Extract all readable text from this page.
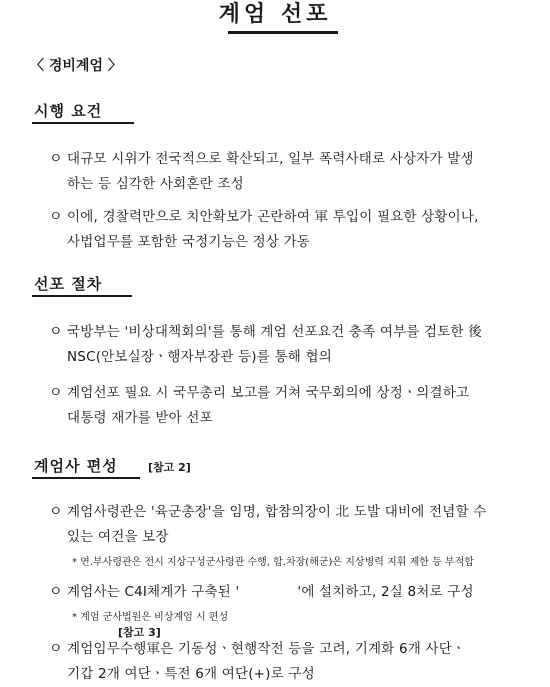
계엄 선포
〈 경비계엄 〉
시행 요건
ㅇ 대규모 시위가 전국적으로 확산되고, 일부 폭력사태로 사상자가 발생
하는 등 심각한 사회혼란 조성
ㅇ 이에, 경찰력만으로 치안확보가 곤란하여 軍 투입이 필요한 상황이나,
사법업무를 포함한 국정기능은 정상 가동
선포 절차
ㅇ 국방부는 '비상대책회의'를 통해 계엄 선포요건 충족 여부를 검토한 後
NSC(안보실장ㆍ행자부장관 등)를 통해 협의
ㅇ 계엄선포 필요 시 국무총리 보고를 거쳐 국무회의에 상정ㆍ의결하고
대통령 재가를 받아 선포
계엄사 편성	[참고 2]
ㅇ 계엄사령관은 '육군총장'을 임명, 합참의장이 北 도발 대비에 전념할 수
있는 여건을 보장
* 연.부사령관은 전시 지상구성군사령관 수행, 합.차장(해군)은 지상병력 지휘 제한 등 부적합
ㅇ 계엄사는 C4I체계가 구축된 '	'에 설치하고, 2실 8처로 구성
* 계엄 군사법원은 비상계엄 시 편성
[참고 3]
ㅇ 계엄임무수행軍은 기동성ㆍ현행작전 등을 고려, 기계화 6개 사단ㆍ
기갑 2개 여단ㆍ특전 6개 여단(+)로 구성
